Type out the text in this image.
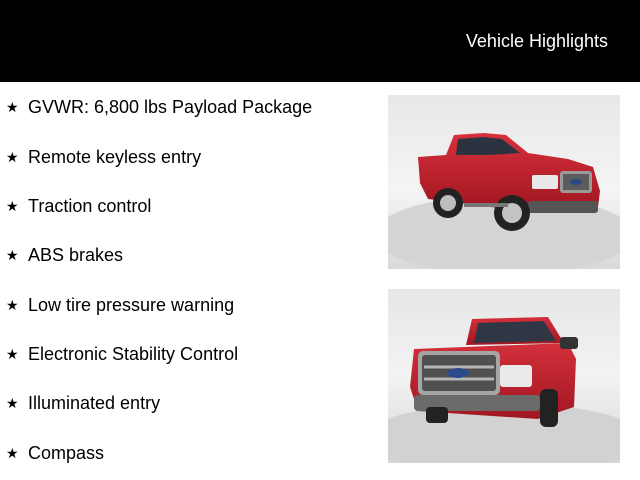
Vehicle Highlights
★ GVWR: 6,800 lbs Payload Package
★ Remote keyless entry
★ Traction control
★ ABS brakes
★ Low tire pressure warning
★ Electronic Stability Control
★ Illuminated entry
★ Compass
